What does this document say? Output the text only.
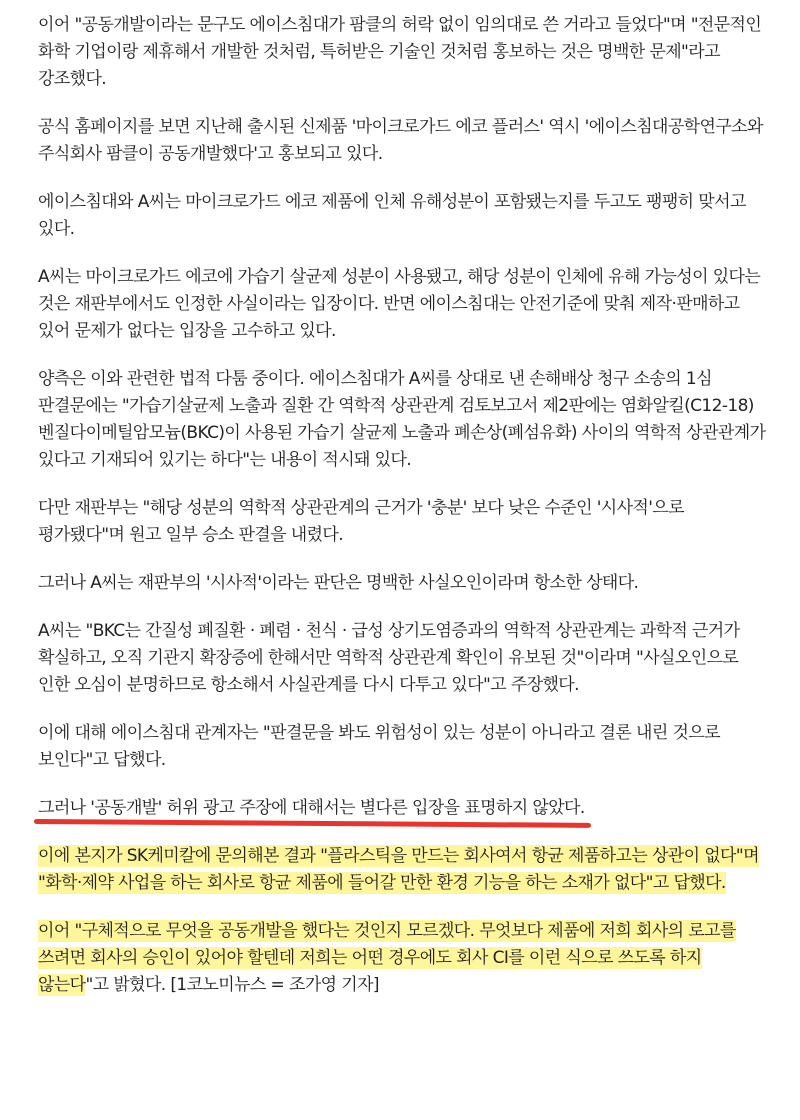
이어 "공동개발이라는 문구도 에이스침대가 팜클의 허락 없이 임의대로 쓴 거라고 들었다"며 "전문적인 화학 기업이랑 제휴해서 개발한 것처럼, 특허받은 기술인 것처럼 홍보하는 것은 명백한 문제"라고 강조했다.

공식 홈페이지를 보면 지난해 출시된 신제품 '마이크로가드 에코 플러스' 역시 '에이스침대공학연구소와 주식회사 팜클이 공동개발했다'고 홍보되고 있다.

에이스침대와 A씨는 마이크로가드 에코 제품에 인체 유해성분이 포함됐는지를 두고도 팽팽히 맞서고 있다.

A씨는 마이크로가드 에코에 가습기 살균제 성분이 사용됐고, 해당 성분이 인체에 유해 가능성이 있다는 것은 재판부에서도 인정한 사실이라는 입장이다. 반면 에이스침대는 안전기준에 맞춰 제작·판매하고 있어 문제가 없다는 입장을 고수하고 있다.

양측은 이와 관련한 법적 다툼 중이다. 에이스침대가 A씨를 상대로 낸 손해배상 청구 소송의 1심 판결문에는 "가습기살균제 노출과 질환 간 역학적 상관관계 검토보고서 제2판에는 염화알킬(C12-18) 벤질다이메틸암모늄(BKC)이 사용된 가습기 살균제 노출과 폐손상(폐섬유화) 사이의 역학적 상관관계가 있다고 기재되어 있기는 하다"는 내용이 적시돼 있다.

다만 재판부는 "해당 성분의 역학적 상관관계의 근거가 '충분' 보다 낮은 수준인 '시사적'으로 평가됐다"며 원고 일부 승소 판결을 내렸다.

그러나 A씨는 재판부의 '시사적'이라는 판단은 명백한 사실오인이라며 항소한 상태다.

A씨는 "BKC는 간질성 폐질환 · 폐렴 · 천식 · 급성 상기도염증과의 역학적 상관관계는 과학적 근거가 확실하고, 오직 기관지 확장증에 한해서만 역학적 상관관계 확인이 유보된 것"이라며 "사실오인으로 인한 오심이 분명하므로 항소해서 사실관계를 다시 다투고 있다"고 주장했다.

이에 대해 에이스침대 관계자는 "판결문을 봐도 위험성이 있는 성분이 아니라고 결론 내린 것으로 보인다"고 답했다.

그러나 '공동개발' 허위 광고 주장에 대해서는 별다른 입장을 표명하지 않았다.

이에 본지가 SK케미칼에 문의해본 결과 "플라스틱을 만드는 회사여서 항균 제품하고는 상관이 없다"며 "화학·제약 사업을 하는 회사로 항균 제품에 들어갈 만한 환경 기능을 하는 소재가 없다"고 답했다.

이어 "구체적으로 무엇을 공동개발을 했다는 것인지 모르겠다. 무엇보다 제품에 저희 회사의 로고를 쓰려면 회사의 승인이 있어야 할텐데 저희는 어떤 경우에도 회사 CI를 이런 식으로 쓰도록 하지 않는다"고 밝혔다. [1코노미뉴스 = 조가영 기자]
